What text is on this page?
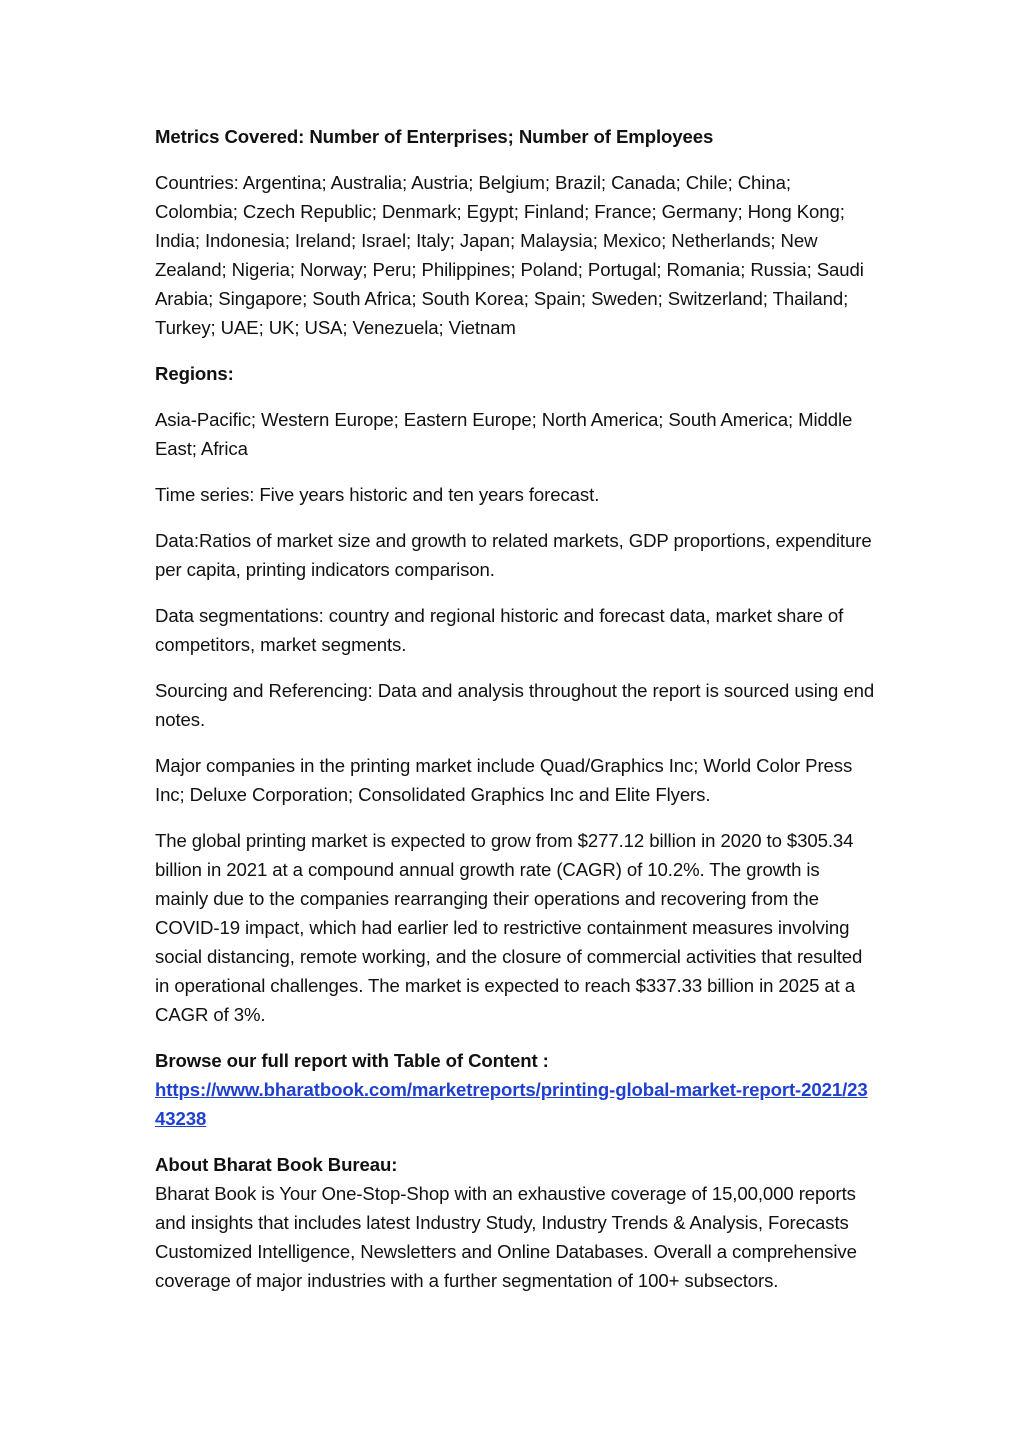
Metrics Covered: Number of Enterprises; Number of Employees

Countries: Argentina; Australia; Austria; Belgium; Brazil; Canada; Chile; China; Colombia; Czech Republic; Denmark; Egypt; Finland; France; Germany; Hong Kong; India; Indonesia; Ireland; Israel; Italy; Japan; Malaysia; Mexico; Netherlands; New Zealand; Nigeria; Norway; Peru; Philippines; Poland; Portugal; Romania; Russia; Saudi Arabia; Singapore; South Africa; South Korea; Spain; Sweden; Switzerland; Thailand; Turkey; UAE; UK; USA; Venezuela; Vietnam

Regions:

Asia-Pacific; Western Europe; Eastern Europe; North America; South America; Middle East; Africa

Time series: Five years historic and ten years forecast.

Data:Ratios of market size and growth to related markets, GDP proportions, expenditure per capita, printing indicators comparison.

Data segmentations: country and regional historic and forecast data, market share of competitors, market segments.

Sourcing and Referencing: Data and analysis throughout the report is sourced using end notes.

Major companies in the printing market include Quad/Graphics Inc; World Color Press Inc; Deluxe Corporation; Consolidated Graphics Inc and Elite Flyers.

The global printing market is expected to grow from $277.12 billion in 2020 to $305.34 billion in 2021 at a compound annual growth rate (CAGR) of 10.2%. The growth is mainly due to the companies rearranging their operations and recovering from the COVID-19 impact, which had earlier led to restrictive containment measures involving social distancing, remote working, and the closure of commercial activities that resulted in operational challenges. The market is expected to reach $337.33 billion in 2025 at a CAGR of 3%.

Browse our full report with Table of Content :

https://www.bharatbook.com/marketreports/printing-global-market-report-2021/2343238

About Bharat Book Bureau:

Bharat Book is Your One-Stop-Shop with an exhaustive coverage of 15,00,000 reports and insights that includes latest Industry Study, Industry Trends & Analysis, Forecasts Customized Intelligence, Newsletters and Online Databases. Overall a comprehensive coverage of major industries with a further segmentation of 100+ subsectors.
